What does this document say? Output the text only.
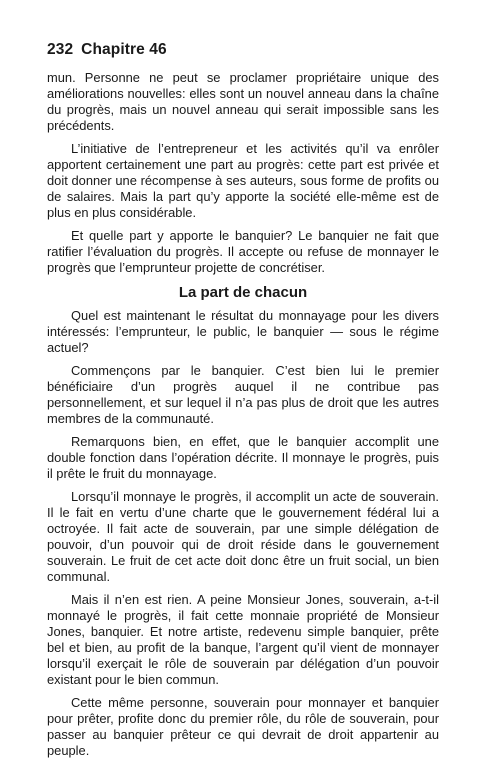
232 Chapitre 46

mun. Personne ne peut se proclamer propriétaire unique des améliorations nouvelles: elles sont un nouvel anneau dans la chaîne du progrès, mais un nouvel anneau qui serait impossible sans les précédents.

L’initiative de l’entrepreneur et les activités qu’il va enrôler apportent certainement une part au progrès: cette part est privée et doit donner une récompense à ses auteurs, sous forme de profits ou de salaires. Mais la part qu’y apporte la société elle-même est de plus en plus considérable.

Et quelle part y apporte le banquier? Le banquier ne fait que ratifier l’évaluation du progrès. Il accepte ou refuse de monnayer le progrès que l’emprunteur projette de concrétiser.

La part de chacun

Quel est maintenant le résultat du monnayage pour les divers intéressés: l’emprunteur, le public, le banquier — sous le régime actuel?

Commençons par le banquier. C’est bien lui le premier bénéficiaire d’un progrès auquel il ne contribue pas personnellement, et sur lequel il n’a pas plus de droit que les autres membres de la communauté.

Remarquons bien, en effet, que le banquier accomplit une double fonction dans l’opération décrite. Il monnaye le progrès, puis il prête le fruit du monnayage.

Lorsqu’il monnaye le progrès, il accomplit un acte de souverain. Il le fait en vertu d’une charte que le gouvernement fédéral lui a octroyée. Il fait acte de souverain, par une simple délégation de pouvoir, d’un pouvoir qui de droit réside dans le gouvernement souverain. Le fruit de cet acte doit donc être un fruit social, un bien communal.

Mais il n’en est rien. A peine Monsieur Jones, souverain, a-t-il monnayé le progrès, il fait cette monnaie propriété de Monsieur Jones, banquier. Et notre artiste, redevenu simple banquier, prête bel et bien, au profit de la banque, l’argent qu’il vient de monnayer lorsqu’il exerçait le rôle de souverain par délégation d’un pouvoir existant pour le bien commun.

Cette même personne, souverain pour monnayer et banquier pour prêter, profite donc du premier rôle, du rôle de souverain, pour passer au banquier prêteur ce qui devrait de droit appartenir au peuple.
